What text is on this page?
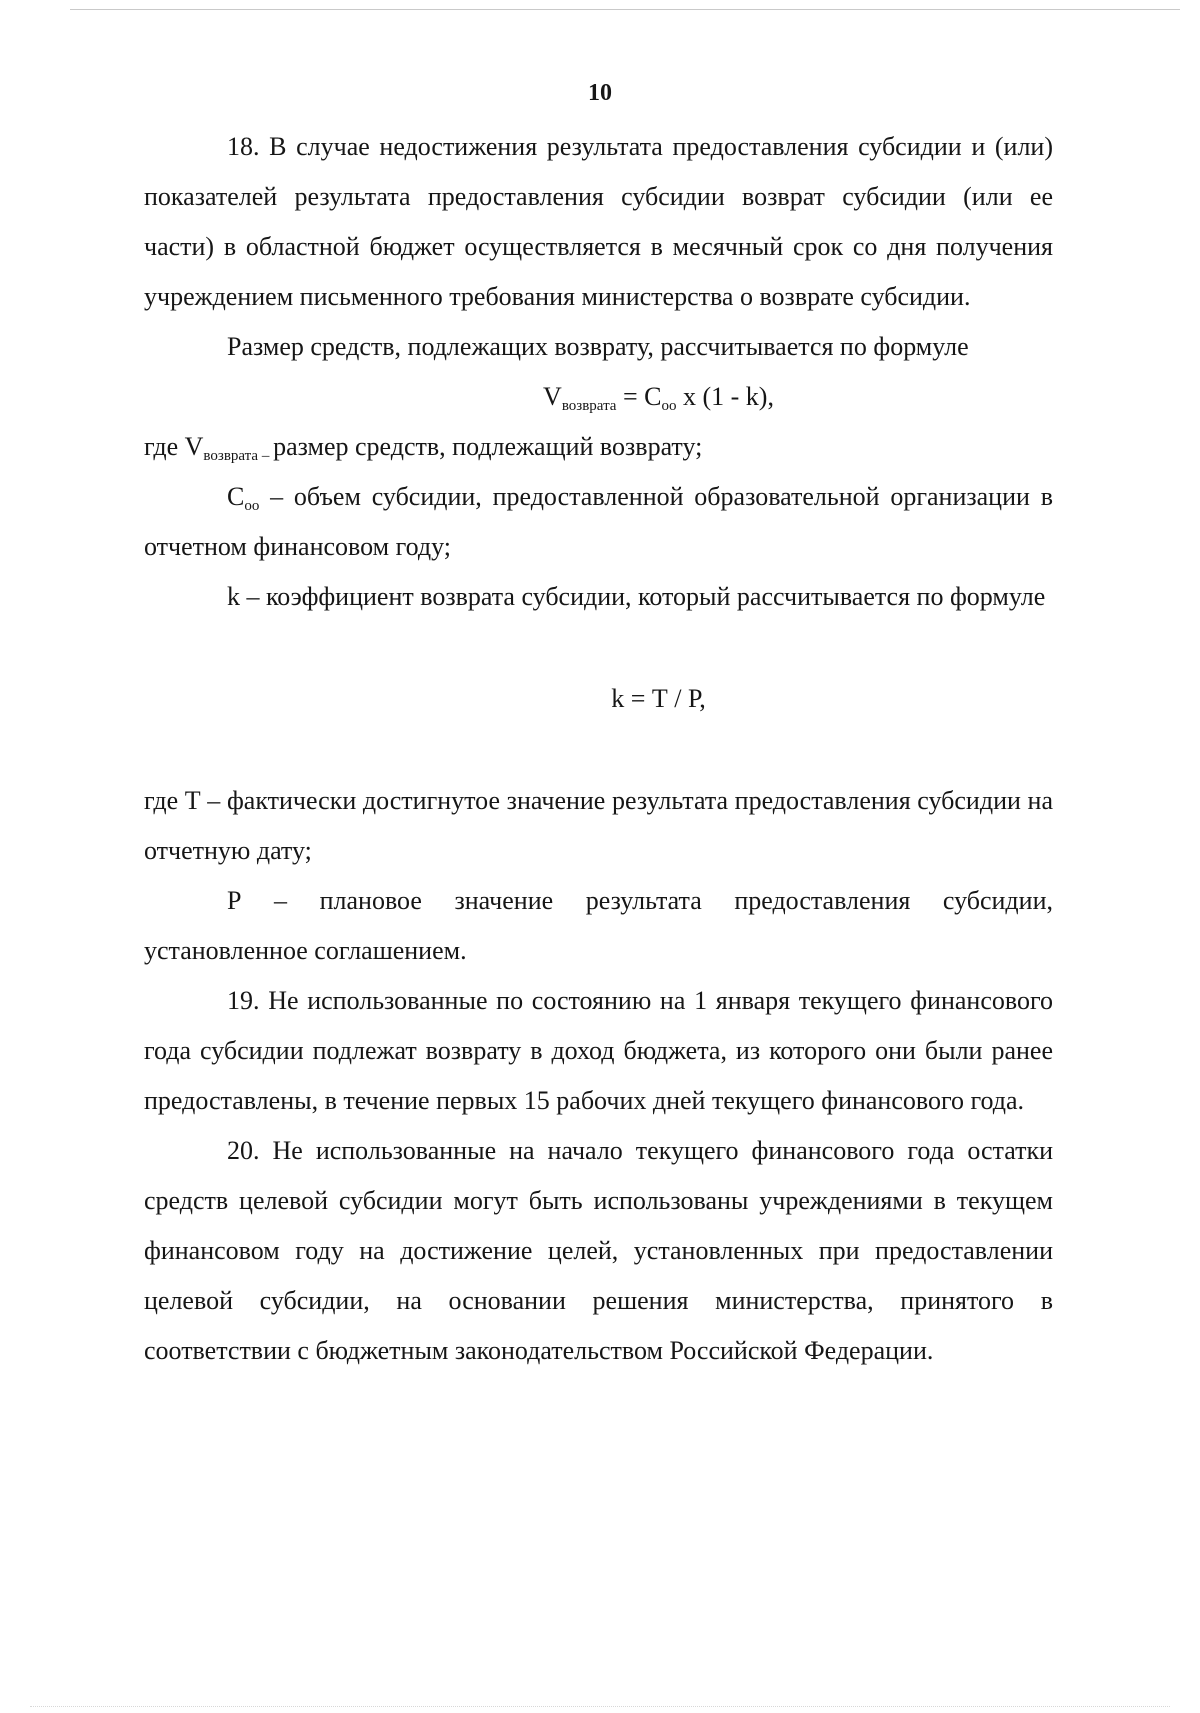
10

18. В случае недостижения результата предоставления субсидии и (или) показателей результата предоставления субсидии возврат субсидии (или ее части) в областной бюджет осуществляется в месячный срок со дня получения учреждением письменного требования министерства о возврате субсидии.

Размер средств, подлежащих возврату, рассчитывается по формуле

$V_{возврата} = С_{оо}$ х (1 - k),

где $V_{возврата -}$ размер средств, подлежащий возврату;

$С_{оо}$ – объем субсидии, предоставленной образовательной организации в отчетном финансовом году;

k – коэффициент возврата субсидии, который рассчитывается по формуле

k = Т / Р,

где Т – фактически достигнутое значение результата предоставления субсидии на отчетную дату;

Р – плановое значение результата предоставления субсидии, установленное соглашением.

19. Не использованные по состоянию на 1 января текущего финансового года субсидии подлежат возврату в доход бюджета, из которого они были ранее предоставлены, в течение первых 15 рабочих дней текущего финансового года.

20. Не использованные на начало текущего финансового года остатки средств целевой субсидии могут быть использованы учреждениями в текущем финансовом году на достижение целей, установленных при предоставлении целевой субсидии, на основании решения министерства, принятого в соответствии с бюджетным законодательством Российской Федерации.
